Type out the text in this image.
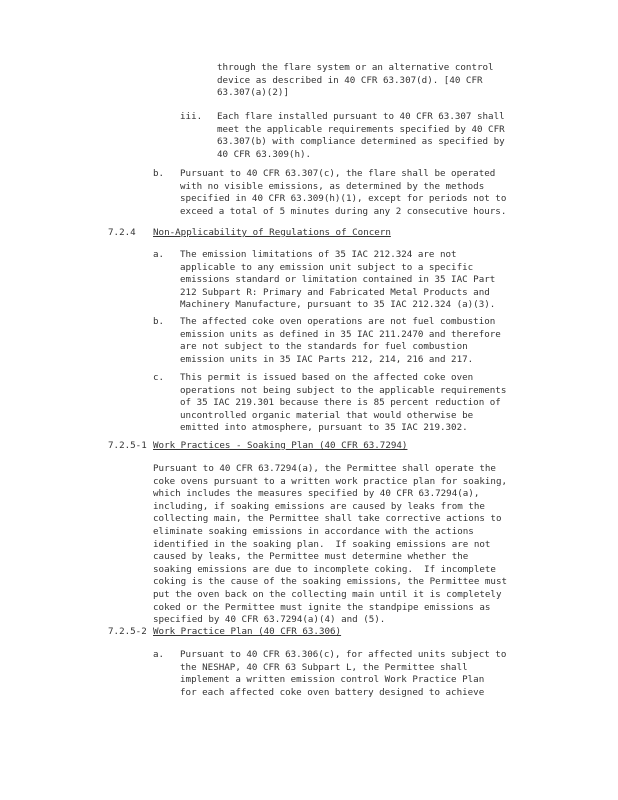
through the flare system or an alternative control

device as described in 40 CFR 63.307(d). [40 CFR

63.307(a)(2)]

iii. Each flare installed pursuant to 40 CFR 63.307 shall

meet the applicable requirements specified by 40 CFR

63.307(b) with compliance determined as specified by

40 CFR 63.309(h).

b. Pursuant to 40 CFR 63.307(c), the flare shall be operated

with no visible emissions, as determined by the methods

specified in 40 CFR 63.309(h)(1), except for periods not to

exceed a total of 5 minutes during any 2 consecutive hours.

7.2.4 Non-Applicability of Regulations of Concern
a. The emission limitations of 35 IAC 212.324 are not

applicable to any emission unit subject to a specific

emissions standard or limitation contained in 35 IAC Part

212 Subpart R: Primary and Fabricated Metal Products and

Machinery Manufacture, pursuant to 35 IAC 212.324 (a)(3).

b. The affected coke oven operations are not fuel combustion

emission units as defined in 35 IAC 211.2470 and therefore

are not subject to the standards for fuel combustion

emission units in 35 IAC Parts 212, 214, 216 and 217.

c. This permit is issued based on the affected coke oven

operations not being subject to the applicable requirements

of 35 IAC 219.301 because there is 85 percent reduction of

uncontrolled organic material that would otherwise be

emitted into atmosphere, pursuant to 35 IAC 219.302.

7.2.5-1 Work Practices - Soaking Plan (40 CFR 63.7294)

Pursuant to 40 CFR 63.7294(a), the Permittee shall operate the

coke ovens pursuant to a written work practice plan for soaking,

which includes the measures specified by 40 CFR 63.7294(a),

including, if soaking emissions are caused by leaks from the

collecting main, the Permittee shall take corrective actions to

eliminate soaking emissions in accordance with the actions

identified in the soaking plan.  If soaking emissions are not

caused by leaks, the Permittee must determine whether the

soaking emissions are due to incomplete coking.  If incomplete

coking is the cause of the soaking emissions, the Permittee must

put the oven back on the collecting main until it is completely

coked or the Permittee must ignite the standpipe emissions as

specified by 40 CFR 63.7294(a)(4) and (5).

7.2.5-2 Work Practice Plan (40 CFR 63.306)
a. Pursuant to 40 CFR 63.306(c), for affected units subject to

the NESHAP, 40 CFR 63 Subpart L, the Permittee shall

implement a written emission control Work Practice Plan

for each affected coke oven battery designed to achieve
